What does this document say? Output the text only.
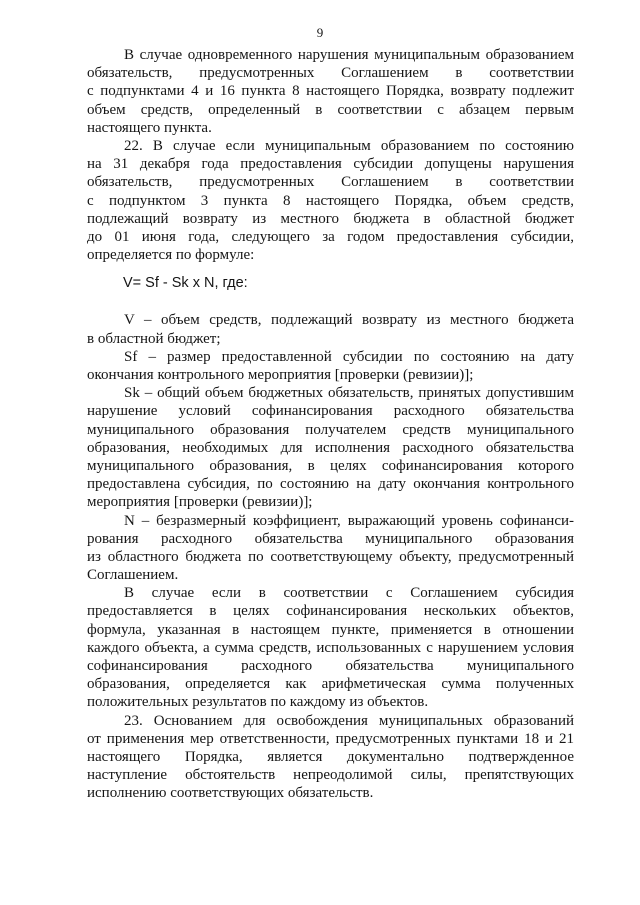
9
В случае одновременного нарушения муниципальным образованием
обязательств, предусмотренных Соглашением в соответствии
с подпунктами 4 и 16 пункта 8 настоящего Порядка, возврату подлежит
объем средств, определенный в соответствии с абзацем первым
настоящего пункта.
22. В случае если муниципальным образованием по состоянию
на 31 декабря года предоставления субсидии допущены нарушения
обязательств, предусмотренных Соглашением в соответствии
с подпунктом 3 пункта 8 настоящего Порядка, объем средств,
подлежащий возврату из местного бюджета в областной бюджет
до 01 июня года, следующего за годом предоставления субсидии,
определяется по формуле:
V= Sf - Sk x N, где:
V – объем средств, подлежащий возврату из местного бюджета
в областной бюджет;
Sf – размер предоставленной субсидии по состоянию на дату
окончания контрольного мероприятия [проверки (ревизии)];
Sk – общий объем бюджетных обязательств, принятых допустившим
нарушение условий софинансирования расходного обязательства
муниципального образования получателем средств муниципального
образования, необходимых для исполнения расходного обязательства
муниципального образования, в целях софинансирования которого
предоставлена субсидия, по состоянию на дату окончания контрольного
мероприятия [проверки (ревизии)];
N – безразмерный коэффициент, выражающий уровень софинанси-
рования расходного обязательства муниципального образования
из областного бюджета по соответствующему объекту, предусмотренный
Соглашением.
В случае если в соответствии с Соглашением субсидия
предоставляется в целях софинансирования нескольких объектов,
формула, указанная в настоящем пункте, применяется в отношении
каждого объекта, а сумма средств, использованных с нарушением условия
софинансирования расходного обязательства муниципального
образования, определяется как арифметическая сумма полученных
положительных результатов по каждому из объектов.
23. Основанием для освобождения муниципальных образований
от применения мер ответственности, предусмотренных пунктами 18 и 21
настоящего Порядка, является документально подтвержденное
наступление обстоятельств непреодолимой силы, препятствующих
исполнению соответствующих обязательств.
